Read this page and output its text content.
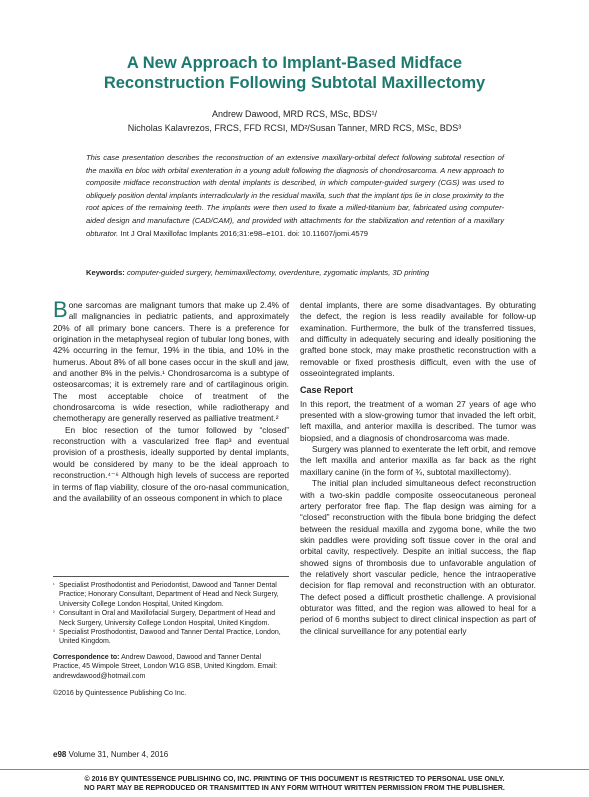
A New Approach to Implant-Based Midface
Reconstruction Following Subtotal Maxillectomy
Andrew Dawood, MRD RCS, MSc, BDS¹/
Nicholas Kalavrezos, FRCS, FFD RCSI, MD²/Susan Tanner, MRD RCS, MSc, BDS³
This case presentation describes the reconstruction of an extensive maxillary-orbital defect following subtotal resection of the maxilla en bloc with orbital exenteration in a young adult following the diagnosis of chondrosarcoma. A new approach to composite midface reconstruction with dental implants is described, in which computer-guided surgery (CGS) was used to obliquely position dental implants interradicularly in the residual maxilla, such that the implant tips lie in close proximity to the root apices of the remaining teeth. The implants were then used to fixate a milled-titanium bar, fabricated using computer-aided design and manufacture (CAD/CAM), and provided with attachments for the stabilization and retention of a maxillary obturator. Int J Oral Maxillofac Implants 2016;31:e98–e101. doi: 10.11607/jomi.4579
Keywords: computer-guided surgery, hemimaxillectomy, overdenture, zygomatic implants, 3D printing

Bone sarcomas are malignant tumors that make up 2.4% of all malignancies in pediatric patients, and approximately 20% of all primary bone cancers. There is a preference for origination in the metaphyseal region of tubular long bones, with 42% occurring in the femur, 19% in the tibia, and 10% in the humerus. About 8% of all bone cases occur in the skull and jaw, and another 8% in the pelvis.¹ Chondrosarcoma is a subtype of osteosarcomas; it is extremely rare and of cartilaginous origin. The most acceptable choice of treatment of the chondrosarcoma is wide resection, while radiotherapy and chemotherapy are generally reserved as palliative treatment.²

En bloc resection of the tumor followed by “closed” reconstruction with a vascularized free flap³ and eventual provision of a prosthesis, ideally supported by dental implants, would be considered by many to be the ideal approach to reconstruction.⁴⁻⁶ Although high levels of success are reported in terms of flap viability, closure of the oro-nasal communication, and the availability of an osseous component in which to place

dental implants, there are some disadvantages. By obturating the defect, the region is less readily available for follow-up examination. Furthermore, the bulk of the transferred tissues, and difficulty in adequately securing and ideally positioning the grafted bone stock, may make prosthetic reconstruction with a removable or fixed prosthesis difficult, even with the use of osseointegrated implants.

Case Report

In this report, the treatment of a woman 27 years of age who presented with a slow-growing tumor that invaded the left orbit, left maxilla, and anterior maxilla is described. The tumor was biopsied, and a diagnosis of chondrosarcoma was made.

Surgery was planned to exenterate the left orbit, and remove the left maxilla and anterior maxilla as far back as the right maxillary canine (in the form of ¾, subtotal maxillectomy).

The initial plan included simultaneous defect reconstruction with a two-skin paddle composite osseocutaneous peroneal artery perforator free flap. The flap design was aiming for a “closed” reconstruction with the fibula bone bridging the defect between the residual maxilla and zygoma bone, while the two skin paddles were providing soft tissue cover in the oral and orbital cavity, respectively. Despite an initial success, the flap showed signs of thrombosis due to unfavorable angulation of the relatively short vascular pedicle, hence the intraoperative decision for flap removal and reconstruction with an obturator. The defect posed a difficult prosthetic challenge. A provisional obturator was fitted, and the region was allowed to heal for a period of 6 months subject to direct clinical inspection as part of the clinical surveillance for any potential early

¹ Specialist Prosthodontist and Periodontist, Dawood and Tanner Dental Practice; Honorary Consultant, Department of Head and Neck Surgery, University College London Hospital, United Kingdom.
² Consultant in Oral and Maxillofacial Surgery, Department of Head and Neck Surgery, University College London Hospital, United Kingdom.
³ Specialist Prosthodontist, Dawood and Tanner Dental Practice, London, United Kingdom.

Correspondence to: Andrew Dawood, Dawood and Tanner Dental Practice, 45 Wimpole Street, London W1G 8SB, United Kingdom. Email: andrewdawood@hotmail.com

©2016 by Quintessence Publishing Co Inc.

e98 Volume 31, Number 4, 2016
© 2016 BY QUINTESSENCE PUBLISHING CO, INC. PRINTING OF THIS DOCUMENT IS RESTRICTED TO PERSONAL USE ONLY.
NO PART MAY BE REPRODUCED OR TRANSMITTED IN ANY FORM WITHOUT WRITTEN PERMISSION FROM THE PUBLISHER.
